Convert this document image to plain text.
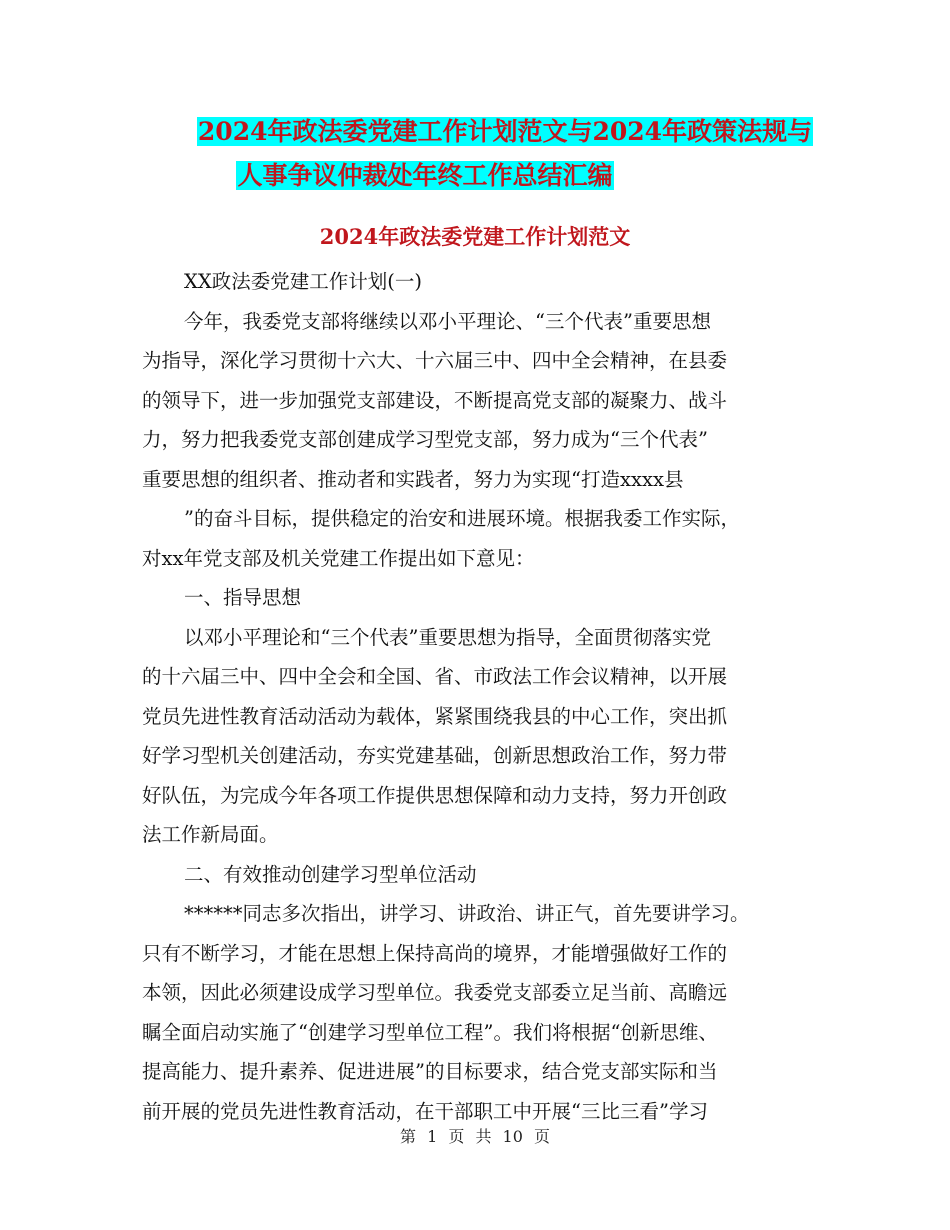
2024年政法委党建工作计划范文与2024年政策法规与
人事争议仲裁处年终工作总结汇编
2024年政法委党建工作计划范文
XX政法委党建工作计划(一)
今年，我委党支部将继续以邓小平理论、“三个代表”重要思想
为指导，深化学习贯彻十六大、十六届三中、四中全会精神，在县委
的领导下，进一步加强党支部建设，不断提高党支部的凝聚力、战斗
力，努力把我委党支部创建成学习型党支部，努力成为“三个代表”
重要思想的组织者、推动者和实践者，努力为实现“打造xxxx县
”的奋斗目标，提供稳定的治安和进展环境。根据我委工作实际，
对xx年党支部及机关党建工作提出如下意见：
一、指导思想
以邓小平理论和“三个代表”重要思想为指导，全面贯彻落实党
的十六届三中、四中全会和全国、省、市政法工作会议精神，以开展
党员先进性教育活动活动为载体，紧紧围绕我县的中心工作，突出抓
好学习型机关创建活动，夯实党建基础，创新思想政治工作，努力带
好队伍，为完成今年各项工作提供思想保障和动力支持，努力开创政
法工作新局面。
二、有效推动创建学习型单位活动
******同志多次指出，讲学习、讲政治、讲正气，首先要讲学习。
只有不断学习，才能在思想上保持高尚的境界，才能增强做好工作的
本领，因此必须建设成学习型单位。我委党支部委立足当前、高瞻远
瞩全面启动实施了“创建学习型单位工程”。我们将根据“创新思维、
提高能力、提升素养、促进进展”的目标要求，结合党支部实际和当
前开展的党员先进性教育活动，在干部职工中开展“三比三看”学习
第 1 页 共 10 页
